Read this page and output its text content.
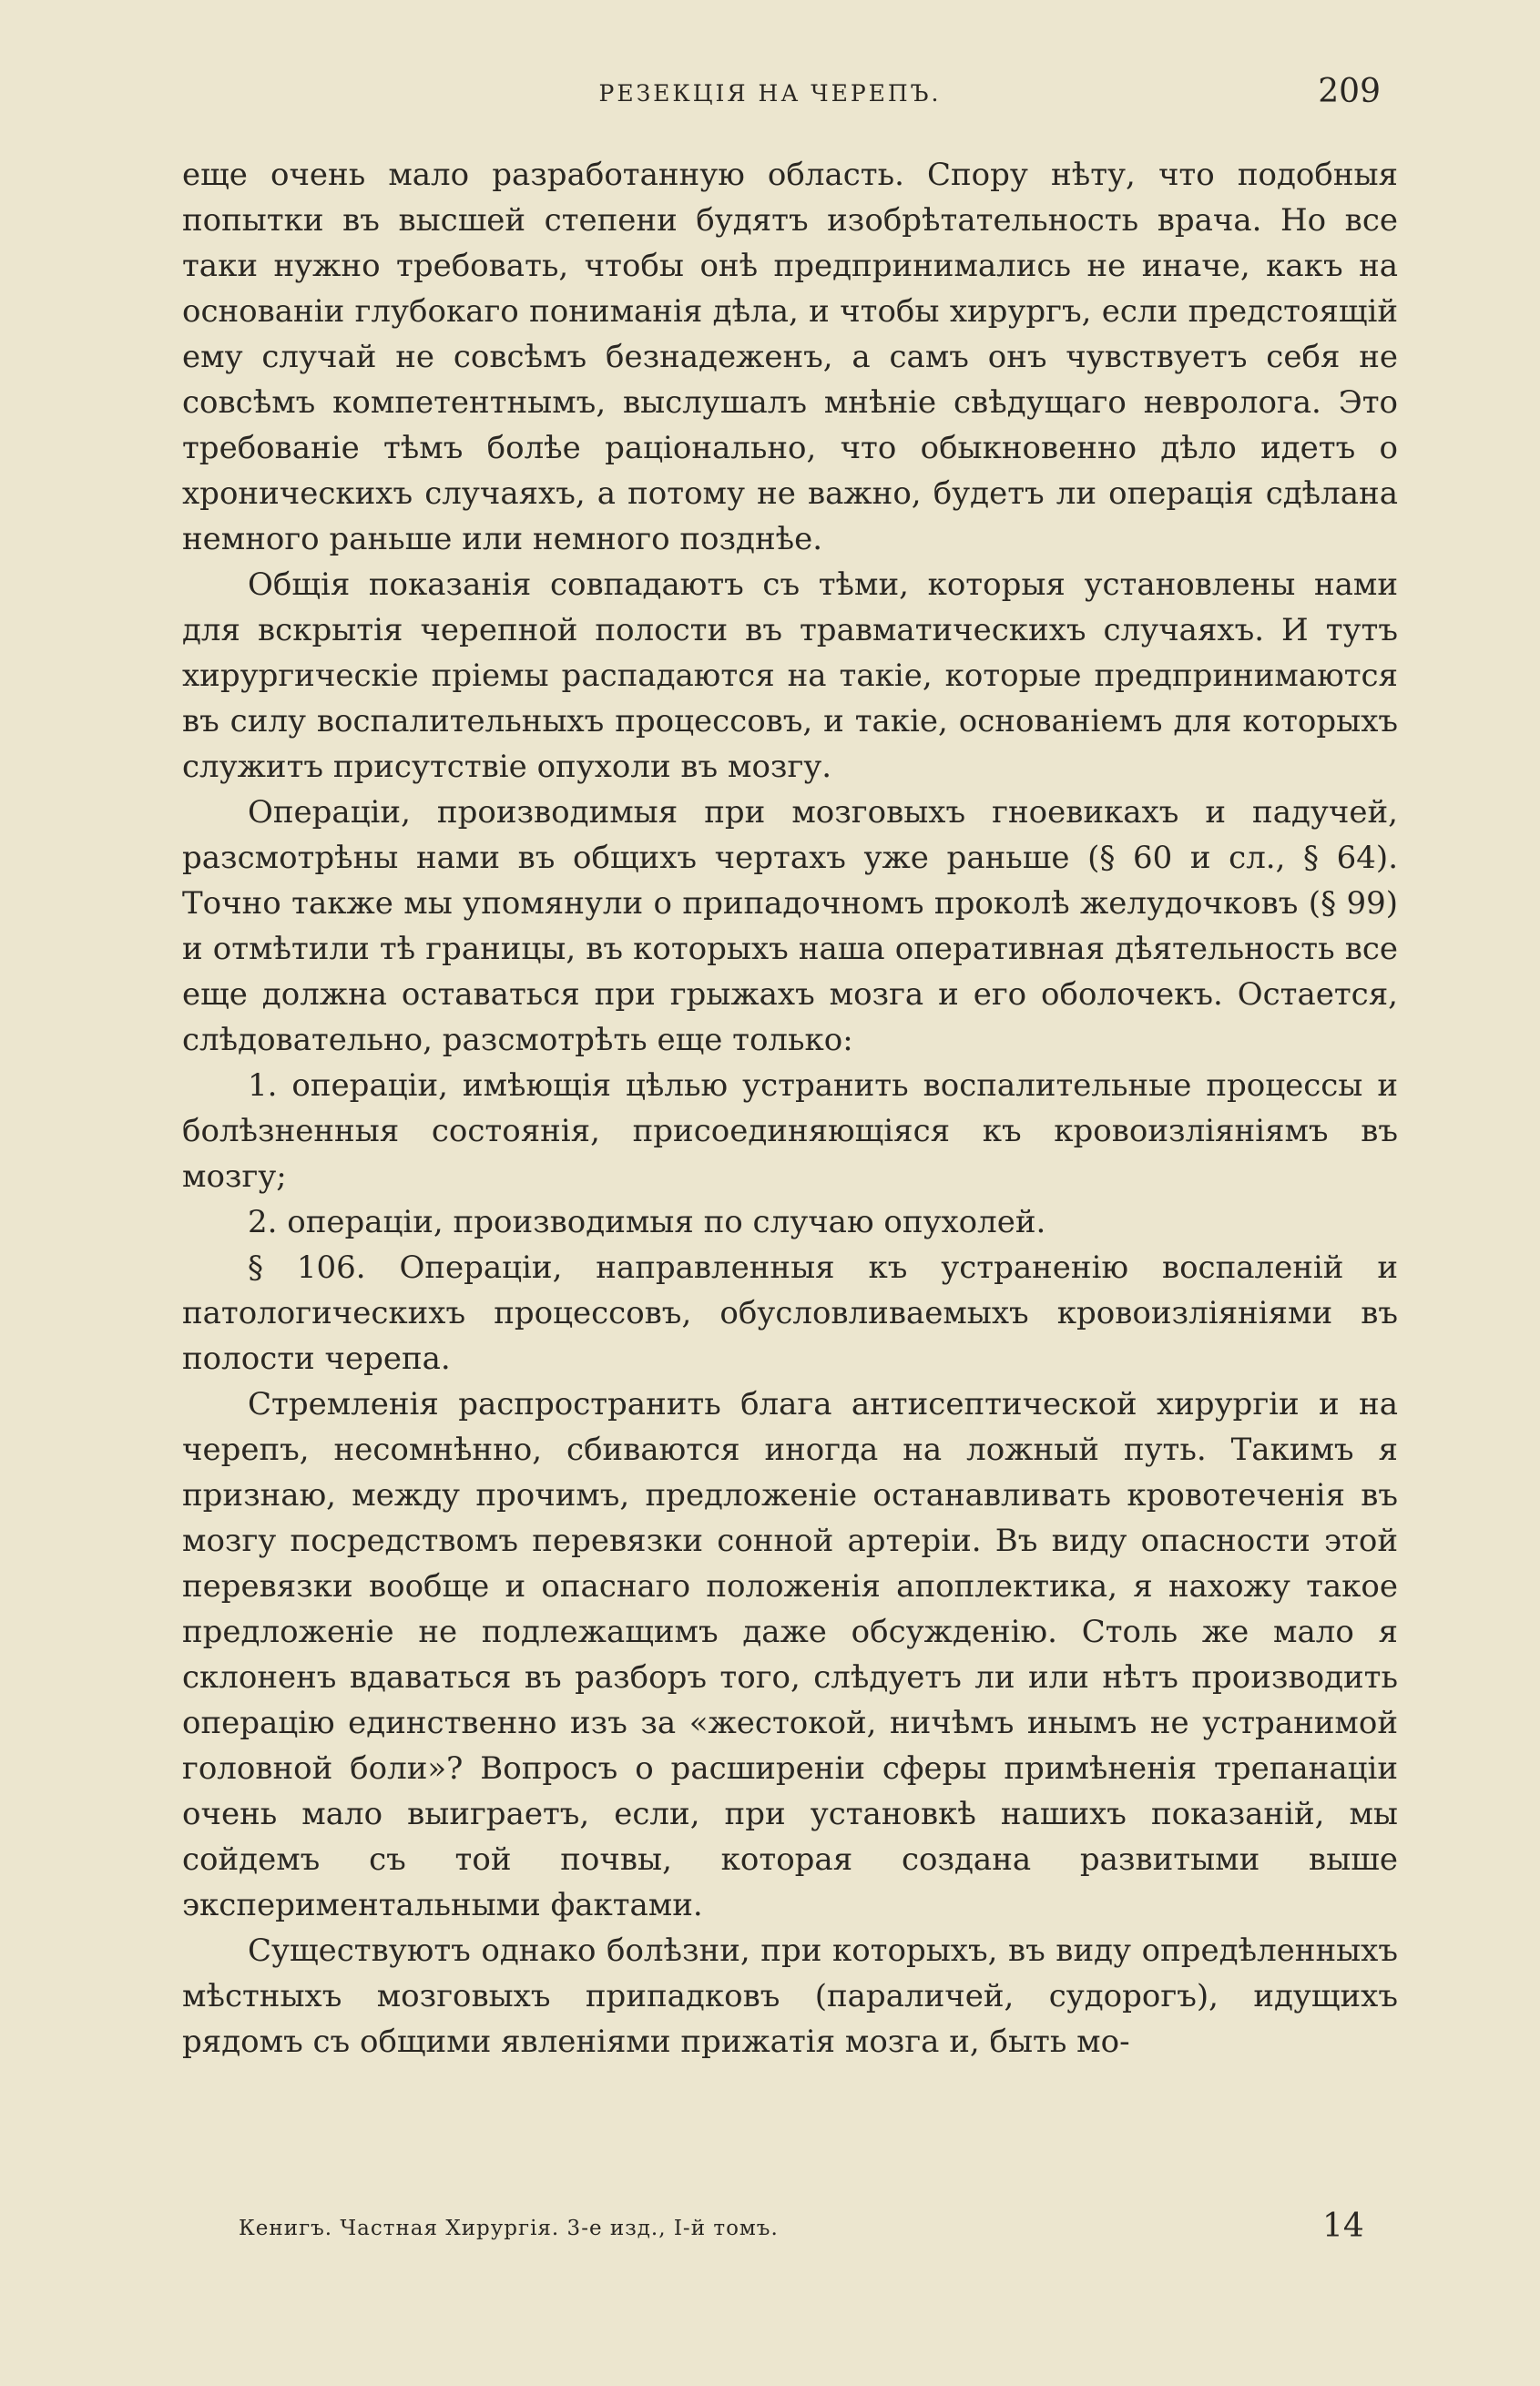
РЕЗЕКЦІЯ НА ЧЕРЕПЪ.	209

еще очень мало разработанную область. Спору нѣту, что подобныя попытки въ высшей степени будятъ изобрѣтательность врача. Но все таки нужно требовать, чтобы онѣ предпринимались не иначе, какъ на основаніи глубокаго пониманія дѣла, и чтобы хирургъ, если предстоящій ему случай не совсѣмъ безнадеженъ, а самъ онъ чувствуетъ себя не совсѣмъ компетентнымъ, выслушалъ мнѣніе свѣдущаго невролога. Это требованіе тѣмъ болѣе раціонально, что обыкновенно дѣло идетъ о хроническихъ случаяхъ, а потому не важно, будетъ ли операція сдѣлана немного раньше или немного позднѣе.

Общія показанія совпадаютъ съ тѣми, которыя установлены нами для вскрытія черепной полости въ травматическихъ случаяхъ. И тутъ хирургическіе пріемы распадаются на такіе, которые предпринимаются въ силу воспалительныхъ процессовъ, и такіе, основаніемъ для которыхъ служитъ присутствіе опухоли въ мозгу.

Операціи, производимыя при мозговыхъ гноевикахъ и падучей, разсмотрѣны нами въ общихъ чертахъ уже раньше (§ 60 и сл., § 64). Точно также мы упомянули о припадочномъ проколѣ желудочковъ (§ 99) и отмѣтили тѣ границы, въ которыхъ наша оперативная дѣятельность все еще должна оставаться при грыжахъ мозга и его оболочекъ. Остается, слѣдовательно, разсмотрѣть еще только:

1. операціи, имѣющія цѣлью устранить воспалительные процессы и болѣзненныя состоянія, присоединяющіяся къ кровоизліяніямъ въ мозгу;

2. операціи, производимыя по случаю опухолей.

§ 106. Операціи, направленныя къ устраненію воспаленій и патологическихъ процессовъ, обусловливаемыхъ кровоизліяніями въ полости черепа.

Стремленія распространить блага антисептической хирургіи и на черепъ, несомнѣнно, сбиваются иногда на ложный путь. Такимъ я признаю, между прочимъ, предложеніе останавливать кровотеченія въ мозгу посредствомъ перевязки сонной артеріи. Въ виду опасности этой перевязки вообще и опаснаго положенія апоплектика, я нахожу такое предложеніе не подлежащимъ даже обсужденію. Столь же мало я склоненъ вдаваться въ разборъ того, слѣдуетъ ли или нѣтъ производить операцію единственно изъ за «жестокой, ничѣмъ инымъ не устранимой головной боли»? Вопросъ о расширеніи сферы примѣненія трепанаціи очень мало выиграетъ, если, при установкѣ нашихъ показаній, мы сойдемъ съ той почвы, которая создана развитыми выше экспериментальными фактами.

Существуютъ однако болѣзни, при которыхъ, въ виду опредѣленныхъ мѣстныхъ мозговыхъ припадковъ (параличей, судорогъ), идущихъ рядомъ съ общими явленіями прижатія мозга и, быть мо-

Кенигъ. Частная Хирургія. 3-е изд., I-й томъ.	14
